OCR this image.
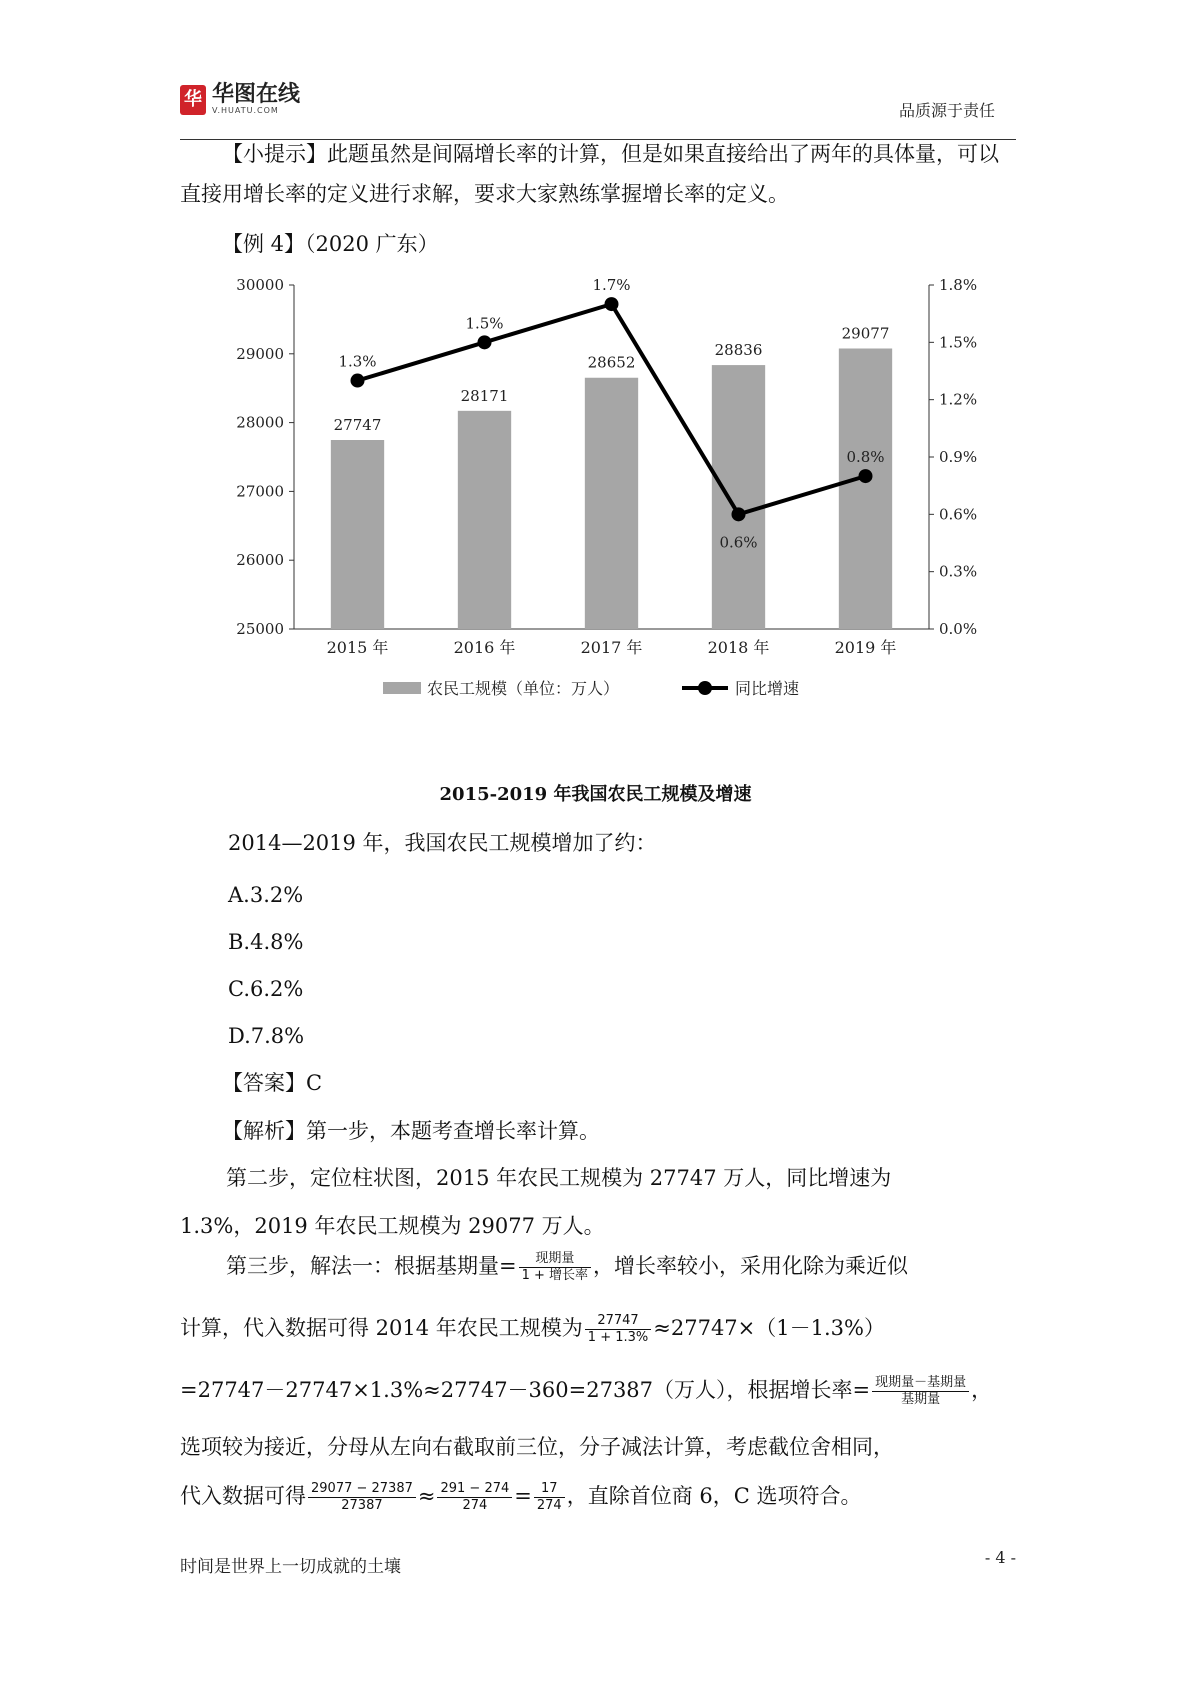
华 华图在线
V.HUATU.COM	品质源于责任
【小提示】此题虽然是间隔增长率的计算，但是如果直接给出了两年的具体量，可以直接用增长率的定义进行求解，要求大家熟练掌握增长率的定义。
【例 4】（2020 广东）
30000
29000
28000
27000
26000
25000
1.8%
1.5%
1.2%
0.9%
0.6%
0.3%
0.0%
27747
2015 年
28171
2016 年
28652
2017 年
28836
2018 年
29077
2019 年
1.3%
1.5%
1.7%
0.6%
0.8%
农民工规模（单位：万人）	同比增速
2015-2019 年我国农民工规模及增速
2014—2019 年，我国农民工规模增加了约：
A.3.2%
B.4.8%
C.6.2%
D.7.8%
【答案】C
【解析】第一步，本题考查增长率计算。
第二步，定位柱状图，2015 年农民工规模为 27747 万人，同比增速为
1.3%，2019 年农民工规模为 29077 万人。
第三步，解法一：根据基期量= $\frac{\text{现期量}}{\text{1 + 增长率}}$ ，增长率较小，采用化除为乘近似
计算，代入数据可得 2014 年农民工规模为 $\frac{27747}{1 + 1.3\%} \approx 27747\times(1-1.3\%)$
=27747－27747×1.3%≈27747－360=27387（万人），根据增长率= $\frac{\text{现期量－基期量}}{\text{基期量}}$ ，
选项较为接近，分母从左向右截取前三位，分子减法计算，考虑截位舍相同，
代入数据可得 $\frac{29077 - 27387}{27387} \approx \frac{291 - 274}{274} = \frac{17}{274}$ ，直除首位商 6，C 选项符合。
时间是世界上一切成就的土壤	- 4 -
